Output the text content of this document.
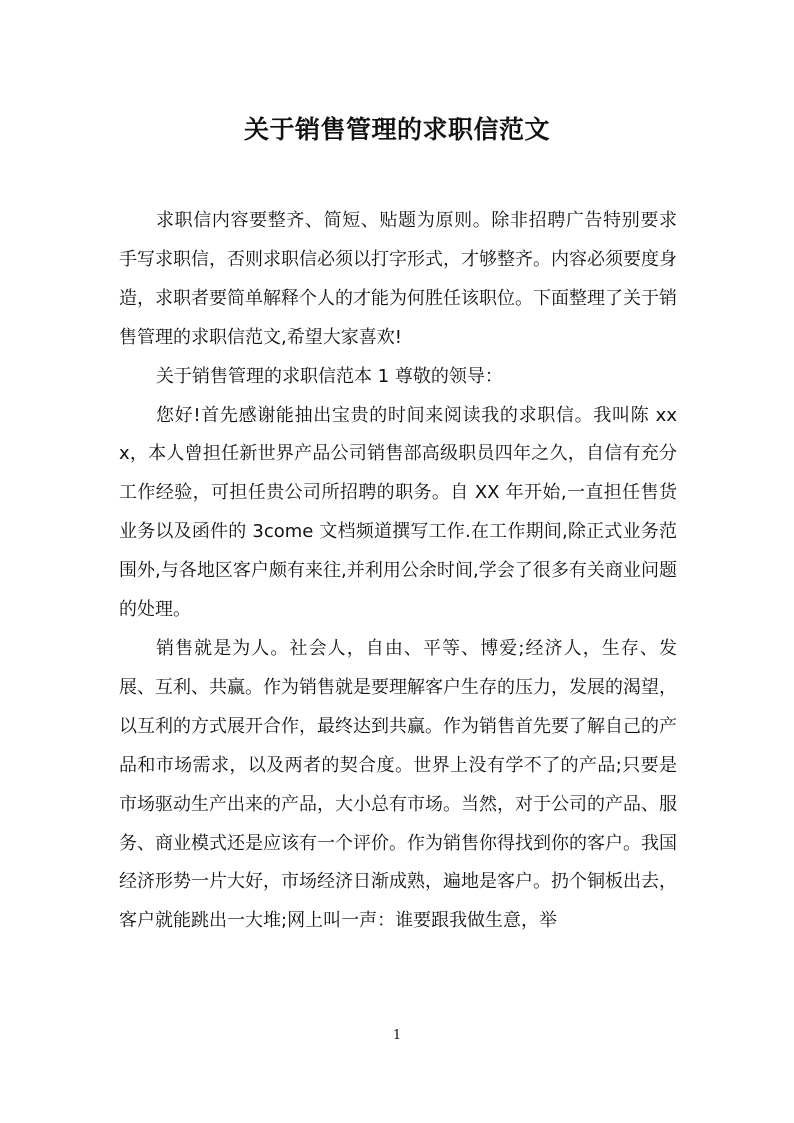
关于销售管理的求职信范文

求职信内容要整齐、简短、贴题为原则。除非招聘广告特别要求手写求职信，否则求职信必须以打字形式，才够整齐。内容必须要度身造，求职者要简单解释个人的才能为何胜任该职位。下面整理了关于销售管理的求职信范文,希望大家喜欢!

关于销售管理的求职信范本 1 尊敬的领导：

您好!首先感谢能抽出宝贵的时间来阅读我的求职信。我叫陈 xxx，本人曾担任新世界产品公司销售部高级职员四年之久，自信有充分工作经验，可担任贵公司所招聘的职务。自 XX 年开始,一直担任售货业务以及函件的 3come 文档频道撰写工作.在工作期间,除正式业务范围外,与各地区客户颇有来往,并利用公余时间,学会了很多有关商业问题的处理。

销售就是为人。社会人，自由、平等、博爱;经济人，生存、发展、互利、共赢。作为销售就是要理解客户生存的压力，发展的渴望，以互利的方式展开合作，最终达到共赢。作为销售首先要了解自己的产品和市场需求，以及两者的契合度。世界上没有学不了的产品;只要是市场驱动生产出来的产品，大小总有市场。当然，对于公司的产品、服务、商业模式还是应该有一个评价。作为销售你得找到你的客户。我国经济形势一片大好，市场经济日渐成熟，遍地是客户。扔个铜板出去，客户就能跳出一大堆;网上叫一声：谁要跟我做生意，举

1
